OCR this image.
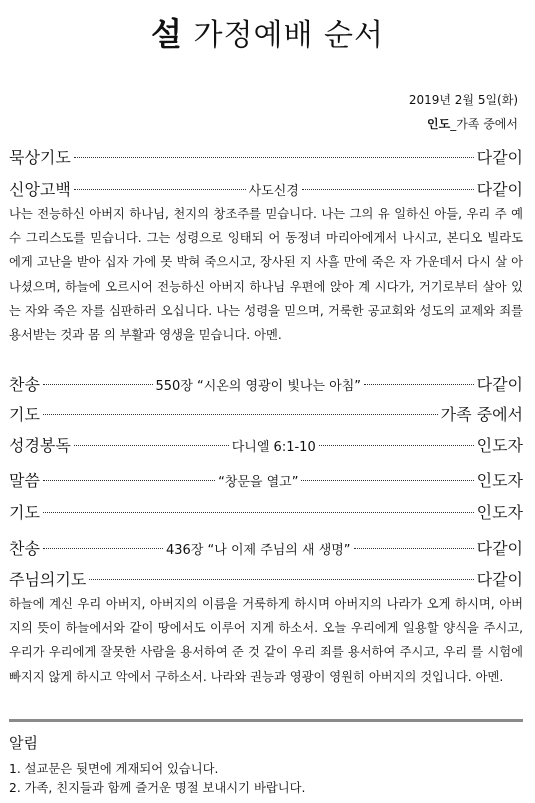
설 가정예배 순서
2019년 2월 5일(화)
인도_가족 중에서
묵상기도	다같이
신앙고백	사도신경	다같이
나는 전능하신 아버지 하나님, 천지의 창조주를 믿습니다. 나는 그의 유 일하신 아들, 우리 주 예수 그리스도를 믿습니다. 그는 성령으로 잉태되 어 동정녀 마리아에게서 나시고, 본디오 빌라도에게 고난을 받아 십자 가에 못 박혀 죽으시고, 장사된 지 사흘 만에 죽은 자 가운데서 다시 살 아나셨으며, 하늘에 오르시어 전능하신 아버지 하나님 우편에 앉아 계 시다가, 거기로부터 살아 있는 자와 죽은 자를 심판하러 오십니다. 나는 성령을 믿으며, 거룩한 공교회와 성도의 교제와 죄를 용서받는 것과 몸 의 부활과 영생을 믿습니다. 아멘.
찬송	550장 “시온의 영광이 빛나는 아침”	다같이
기도	가족 중에서
성경봉독	다니엘 6:1-10	인도자
말씀	“창문을 열고”	인도자
기도	인도자
찬송	436장 “나 이제 주님의 새 생명”	다같이
주님의기도	다같이
하늘에 계신 우리 아버지, 아버지의 이름을 거룩하게 하시며 아버지의 나라가 오게 하시며, 아버지의 뜻이 하늘에서와 같이 땅에서도 이루어 지게 하소서. 오늘 우리에게 일용할 양식을 주시고, 우리가 우리에게 잘못한 사람을 용서하여 준 것 같이 우리 죄를 용서하여 주시고, 우리 를 시험에 빠지지 않게 하시고 악에서 구하소서. 나라와 권능과 영광이 영원히 아버지의 것입니다. 아멘.
알림
1. 설교문은 뒷면에 게재되어 있습니다.
2. 가족, 친지들과 함께 즐거운 명절 보내시기 바랍니다.
